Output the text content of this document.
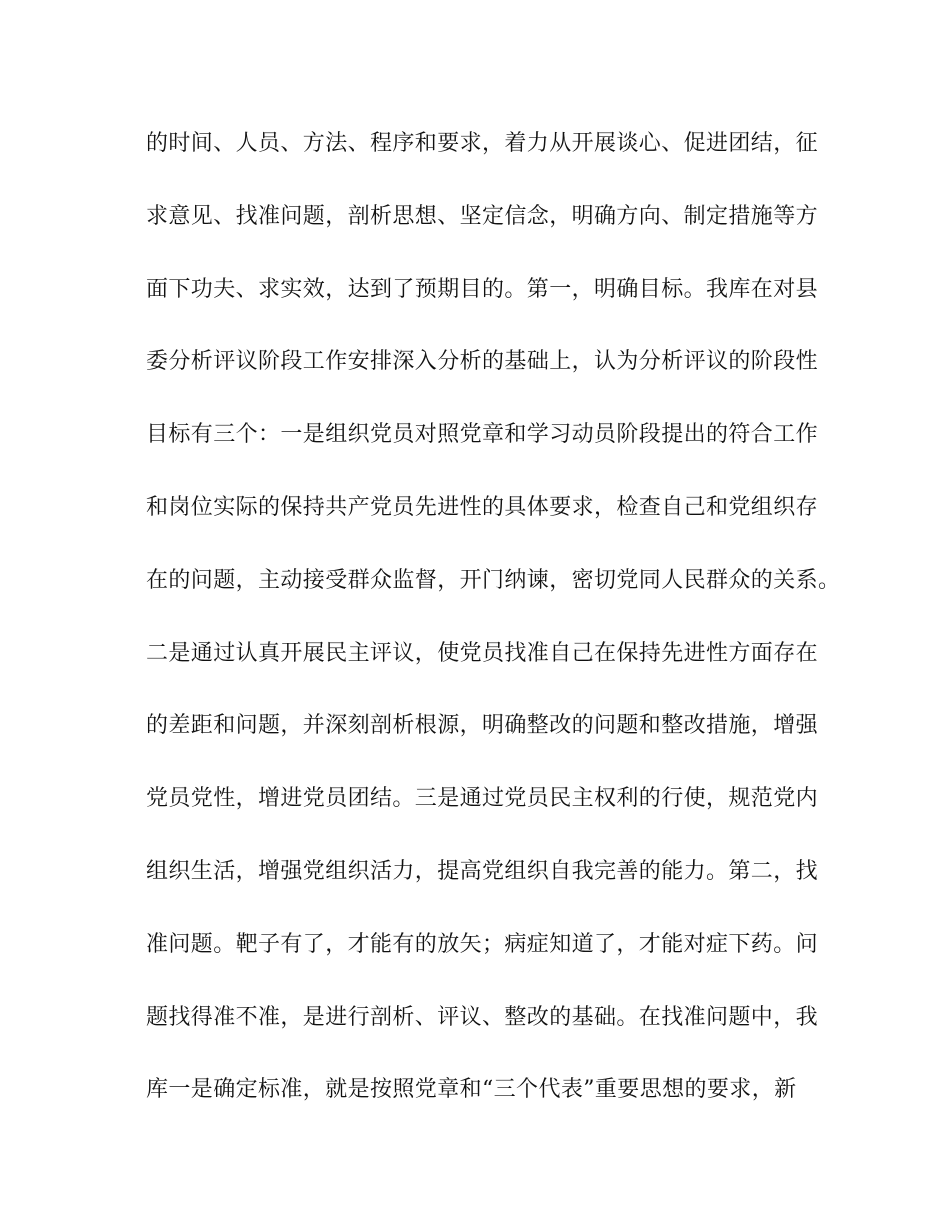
的时间、人员、方法、程序和要求，着力从开展谈心、促进团结，征
求意见、找准问题，剖析思想、坚定信念，明确方向、制定措施等方
面下功夫、求实效，达到了预期目的。第一，明确目标。我库在对县
委分析评议阶段工作安排深入分析的基础上，认为分析评议的阶段性
目标有三个：一是组织党员对照党章和学习动员阶段提出的符合工作
和岗位实际的保持共产党员先进性的具体要求，检查自己和党组织存
在的问题，主动接受群众监督，开门纳谏，密切党同人民群众的关系。
二是通过认真开展民主评议，使党员找准自己在保持先进性方面存在
的差距和问题，并深刻剖析根源，明确整改的问题和整改措施，增强
党员党性，增进党员团结。三是通过党员民主权利的行使，规范党内
组织生活，增强党组织活力，提高党组织自我完善的能力。第二，找
准问题。靶子有了，才能有的放矢；病症知道了，才能对症下药。问
题找得准不准，是进行剖析、评议、整改的基础。在找准问题中，我
库一是确定标准，就是按照党章和“三个代表”重要思想的要求，新
